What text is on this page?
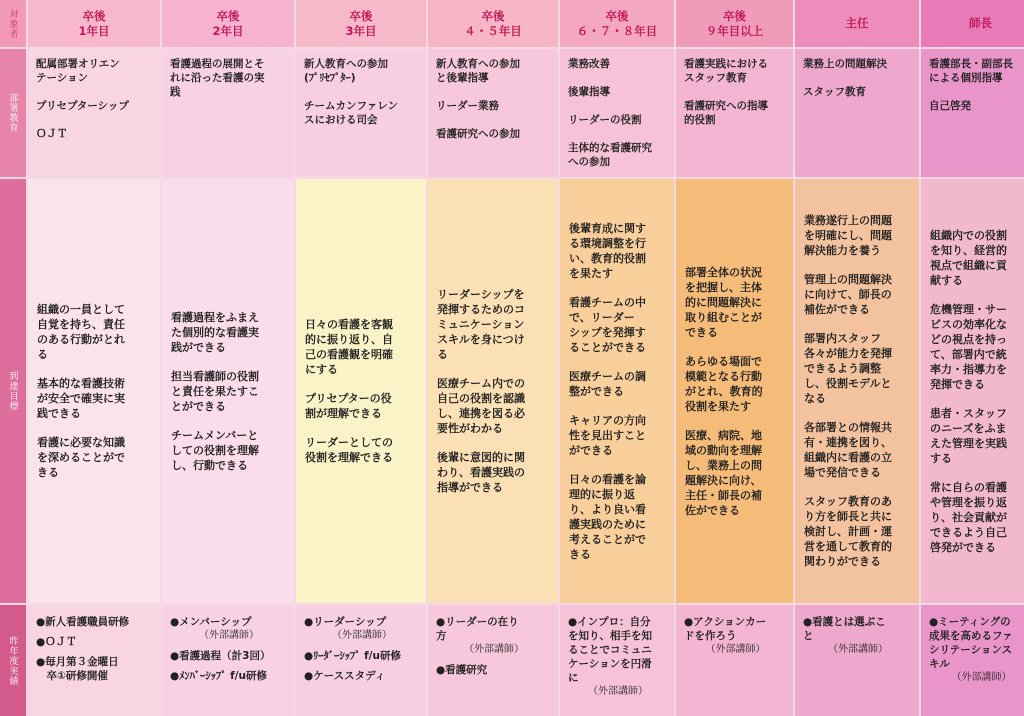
対象者	卒後
1年目
卒後
2年目
卒後
3年目
卒後
４・５年目
卒後
６・７・８年目
卒後
９年目以上
主任	師長
部署教育
配属部署オリエン
テーション
プリセプターシップ
ＯＪＴ
看護過程の展開とそ
れに沿った看護の実
践
新人教育への参加
(ﾌﾟﾘｾﾌﾟﾀｰ)
チームカンファレン
スにおける司会
新人教育への参加
と後輩指導
リーダー業務
看護研究への参加
業務改善
後輩指導
リーダーの役割
主体的な看護研究
への参加
看護実践における
スタッフ教育
看護研究への指導
的役割
業務上の問題解決
スタッフ教育
看護部長・副部長
による個別指導
自己啓発
到達目標
組織の一員として
自覚を持ち、責任
のある行動がとれ
る
基本的な看護技術
が安全で確実に実
践できる
看護に必要な知識
を深めることがで
きる
看護過程をふまえ
た個別的な看護実
践ができる
担当看護師の役割
と責任を果たすこ
とができる
チームメンバーと
しての役割を理解
し、行動できる
日々の看護を客観
的に振り返り、自
己の看護観を明確
にする
プリセプターの役
割が理解できる
リーダーとしての
役割を理解できる
リーダーシップを
発揮するためのコ
ミュニケーション
スキルを身につけ
る
医療チーム内での
自己の役割を認識
し、連携を図る必
要性がわかる
後輩に意図的に関
わり、看護実践の
指導ができる
後輩育成に関す
る環境調整を行
い、教育的役割
を果たす
看護チームの中
で、リーダー
シップを発揮す
ることができる
医療チームの調
整ができる
キャリアの方向
性を見出すこと
ができる
日々の看護を論
理的に振り返
り、より良い看
護実践のために
考えることがで
きる
部署全体の状況
を把握し、主体
的に問題解決に
取り組むことが
できる
あらゆる場面で
模範となる行動
がとれ、教育的
役割を果たす
医療、病院、地
域の動向を理解
し、業務上の問
題解決に向け、
主任・師長の補
佐ができる
業務遂行上の問題
を明確にし、問題
解決能力を養う
管理上の問題解決
に向けて、師長の
補佐ができる
部署内スタッフ
各々が能力を発揮
できるよう調整
し、役割モデルと
なる
各部署との情報共
有・連携を図り、
組織内に看護の立
場で発信できる
スタッフ教育のあ
り方を師長と共に
検討し、計画・運
営を通して教育的
関わりができる
組織内での役割
を知り、経営的
視点で組織に貢
献する
危機管理・サー
ビスの効率化な
どの視点を持っ
て、部署内で統
率力・指導力を
発揮できる
患者・スタッフ
のニーズをふま
えた管理を実践
する
常に自らの看護
や管理を振り返
り、社会貢献が
できるよう自己
啓発ができる
昨年度実績
●新人看護職員研修
●ＯＪＴ
●毎月第３金曜日
　卒①研修開催
●メンバーシップ
（外部講師）
●看護過程（計3回）
●ﾒﾝﾊﾞｰｼｯﾌﾟ f/u研修
●リーダーシップ
（外部講師）
●ﾘｰﾀﾞｰｼｯﾌﾟ f/u研修
●ケーススタディ
●リーダーの在り
方
（外部講師）
●看護研究
●インプロ：自分
を知り、相手を知
ることでコミュニ
ケーションを円滑
に
（外部講師）
●アクションカー
ドを作ろう
（外部講師）
●看護とは選ぶこ
と
（外部講師）
●ミーティングの
成果を高めるファ
シリテーションス
キル
（外部講師）
